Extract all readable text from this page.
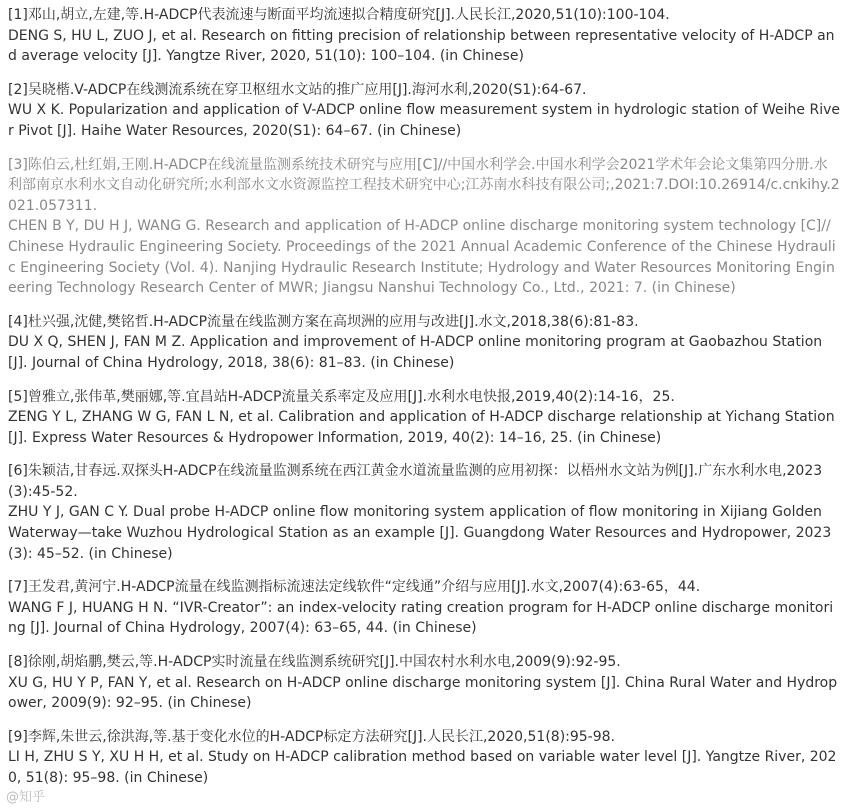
[1]邓山,胡立,左建,等.H-ADCP代表流速与断面平均流速拟合精度研究[J].人民长江,2020,51(10):100-104.

DENG S, HU L, ZUO J, et al. Research on fitting precision of relationship between representative velocity of H-ADCP and average velocity [J]. Yangtze River, 2020, 51(10): 100–104. (in Chinese)

[2]吴晓楷.V-ADCP在线测流系统在穿卫枢纽水文站的推广应用[J].海河水利,2020(S1):64-67.

WU X K. Popularization and application of V-ADCP online flow measurement system in hydrologic station of Weihe River Pivot [J]. Haihe Water Resources, 2020(S1): 64–67. (in Chinese)

[3]陈伯云,杜红娟,王刚.H-ADCP在线流量监测系统技术研究与应用[C]//中国水利学会.中国水利学会2021学术年会论文集第四分册.水利部南京水利水文自动化研究所;水利部水文水资源监控工程技术研究中心;江苏南水科技有限公司;,2021:7.DOI:10.26914/c.cnkihy.2021.057311.

CHEN B Y, DU H J, WANG G. Research and application of H-ADCP online discharge monitoring system technology [C]//Chinese Hydraulic Engineering Society. Proceedings of the 2021 Annual Academic Conference of the Chinese Hydraulic Engineering Society (Vol. 4). Nanjing Hydraulic Research Institute; Hydrology and Water Resources Monitoring Engineering Technology Research Center of MWR; Jiangsu Nanshui Technology Co., Ltd., 2021: 7. (in Chinese)

[4]杜兴强,沈健,樊铭哲.H-ADCP流量在线监测方案在高坝洲的应用与改进[J].水文,2018,38(6):81-83.

DU X Q, SHEN J, FAN M Z. Application and improvement of H-ADCP online monitoring program at Gaobazhou Station [J]. Journal of China Hydrology, 2018, 38(6): 81–83. (in Chinese)

[5]曾雅立,张伟革,樊丽娜,等.宜昌站H-ADCP流量关系率定及应用[J].水利水电快报,2019,40(2):14-16，25.

ZENG Y L, ZHANG W G, FAN L N, et al. Calibration and application of H-ADCP discharge relationship at Yichang Station [J]. Express Water Resources & Hydropower Information, 2019, 40(2): 14–16, 25. (in Chinese)

[6]朱颖洁,甘春远.双探头H-ADCP在线流量监测系统在西江黄金水道流量监测的应用初探：以梧州水文站为例[J].广东水利水电,2023(3):45-52.

ZHU Y J, GAN C Y. Dual probe H-ADCP online flow monitoring system application of flow monitoring in Xijiang Golden Waterway—take Wuzhou Hydrological Station as an example [J]. Guangdong Water Resources and Hydropower, 2023(3): 45–52. (in Chinese)

[7]王发君,黄河宁.H-ADCP流量在线监测指标流速法定线软件“定线通”介绍与应用[J].水文,2007(4):63-65，44.

WANG F J, HUANG H N. “IVR-Creator”: an index-velocity rating creation program for H-ADCP online discharge monitoring [J]. Journal of China Hydrology, 2007(4): 63–65, 44. (in Chinese)

[8]徐刚,胡焰鹏,樊云,等.H-ADCP实时流量在线监测系统研究[J].中国农村水利水电,2009(9):92-95.

XU G, HU Y P, FAN Y, et al. Research on H-ADCP online discharge monitoring system [J]. China Rural Water and Hydropower, 2009(9): 92–95. (in Chinese)

[9]李辉,朱世云,徐洪海,等.基于变化水位的H-ADCP标定方法研究[J].人民长江,2020,51(8):95-98.

LI H, ZHU S Y, XU H H, et al. Study on H-ADCP calibration method based on variable water level [J]. Yangtze River, 2020, 51(8): 95–98. (in Chinese)

@知乎
